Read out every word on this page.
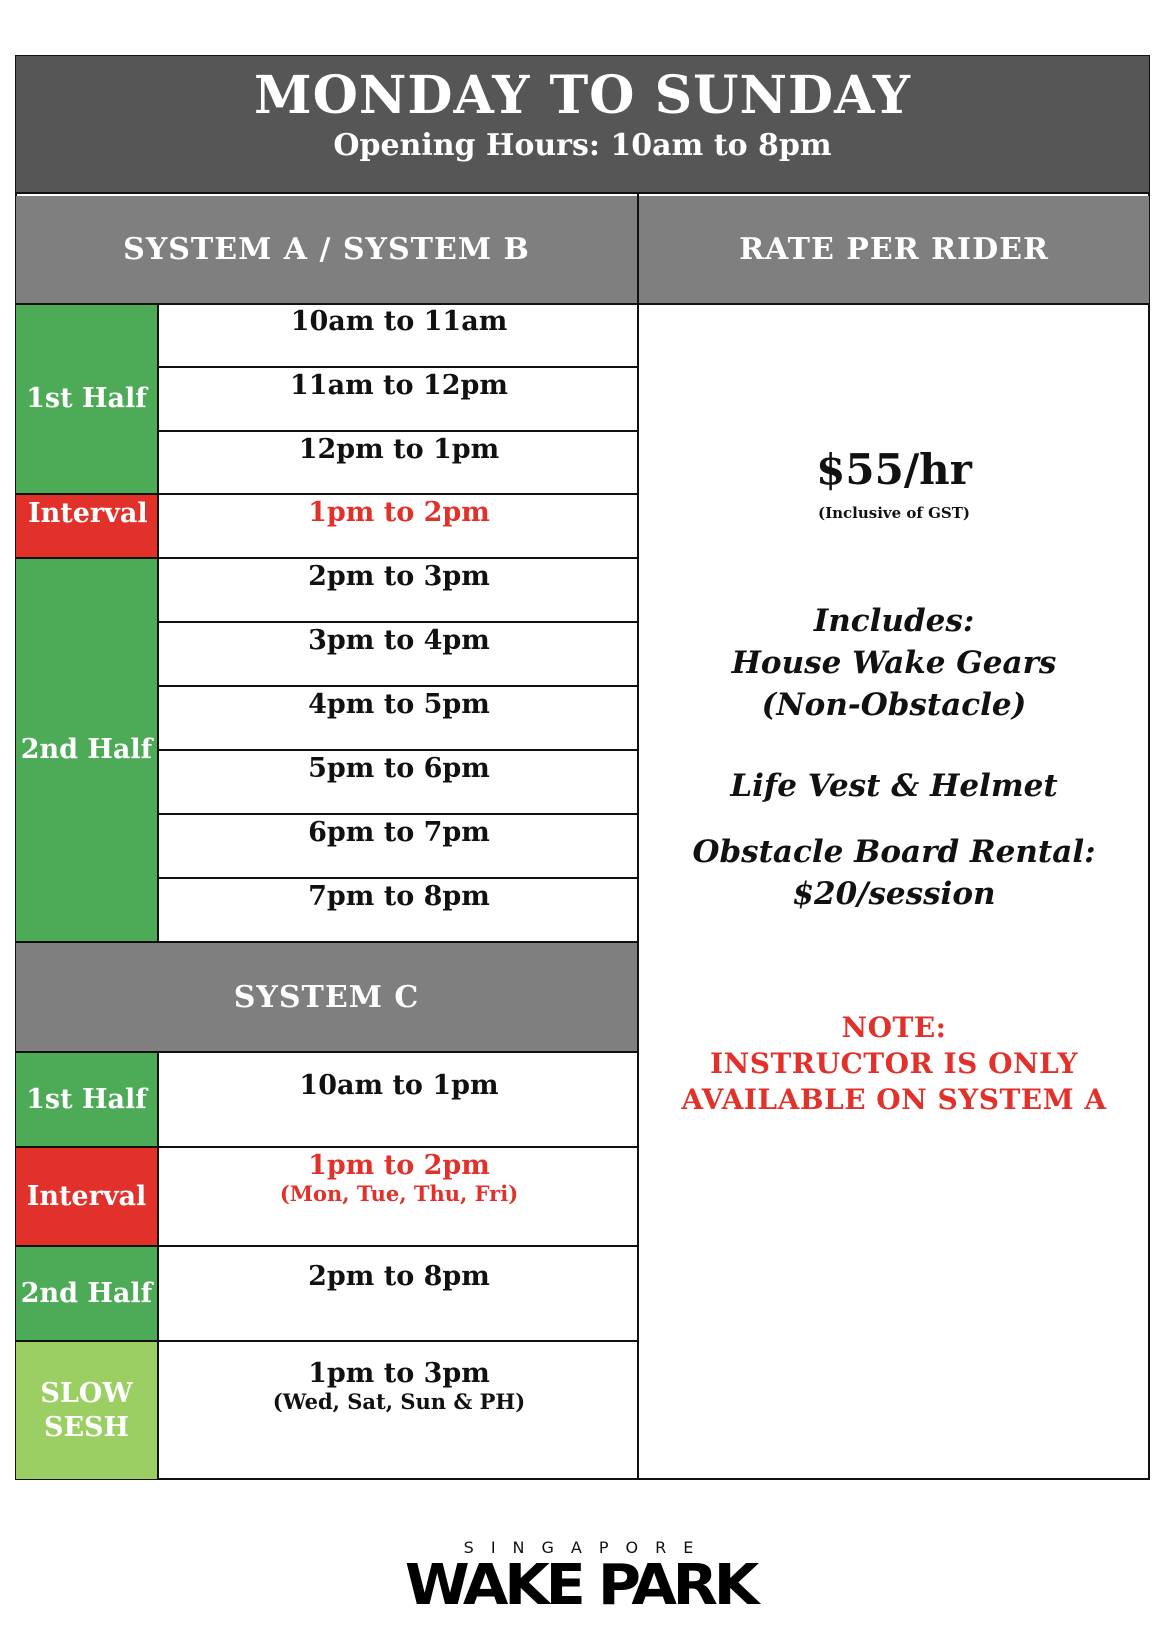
MONDAY TO SUNDAY
Opening Hours: 10am to 8pm
SYSTEM A / SYSTEM B	RATE PER RIDER
1st Half
Interval
2nd Half
10am to 11am
11am to 12pm
12pm to 1pm
1pm to 2pm
2pm to 3pm
3pm to 4pm
4pm to 5pm
5pm to 6pm
6pm to 7pm
7pm to 8pm
SYSTEM C
1st Half
Interval
2nd Half
SLOW
SESH
10am to 1pm
1pm to 2pm
(Mon, Tue, Thu, Fri)
2pm to 8pm
1pm to 3pm
(Wed, Sat, Sun & PH)
$55/hr
(Inclusive of GST)
Includes:
House Wake Gears
(Non-Obstacle)
Life Vest & Helmet
Obstacle Board Rental:
$20/session
NOTE:
INSTRUCTOR IS ONLY
AVAILABLE ON SYSTEM A
SINGAPORE
WAKE PARK
